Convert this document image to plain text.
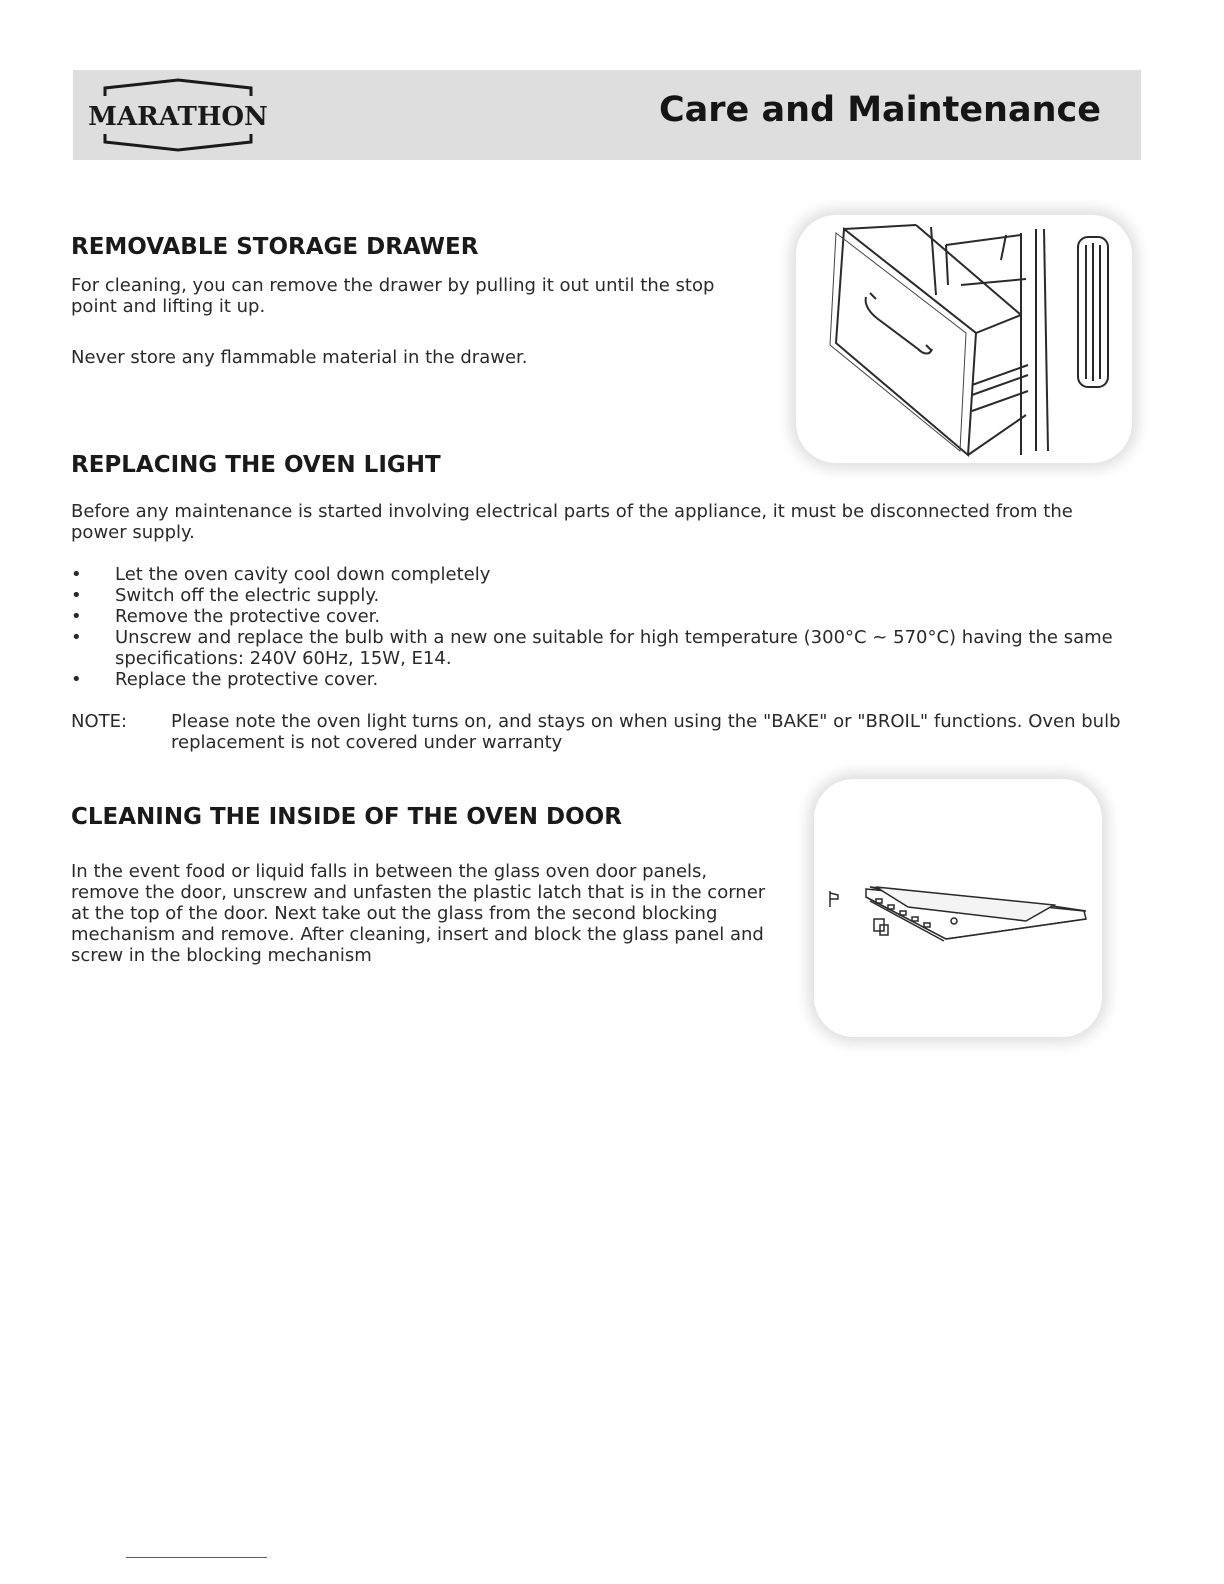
MARATHON	Care and Maintenance
REMOVABLE STORAGE DRAWER

For cleaning, you can remove the drawer by pulling it out until the stop point and lifting it up.

Never store any flammable material in the drawer.

REPLACING THE OVEN LIGHT

Before any maintenance is started involving electrical parts of the appliance, it must be disconnected from the power supply.

• Let the oven cavity cool down completely
• Switch off the electric supply.
• Remove the protective cover.
• Unscrew and replace the bulb with a new one suitable for high temperature (300°C ~ 570°C) having the same specifications: 240V 60Hz, 15W, E14.
• Replace the protective cover.
NOTE: Please note the oven light turns on, and stays on when using the "BAKE" or "BROIL" functions. Oven bulb replacement is not covered under warranty
CLEANING THE INSIDE OF THE OVEN DOOR

In the event food or liquid falls in between the glass oven door panels, remove the door, unscrew and unfasten the plastic latch that is in the corner at the top of the door. Next take out the glass from the second blocking mechanism and remove. After cleaning, insert and block the glass panel and screw in the blocking mechanism
